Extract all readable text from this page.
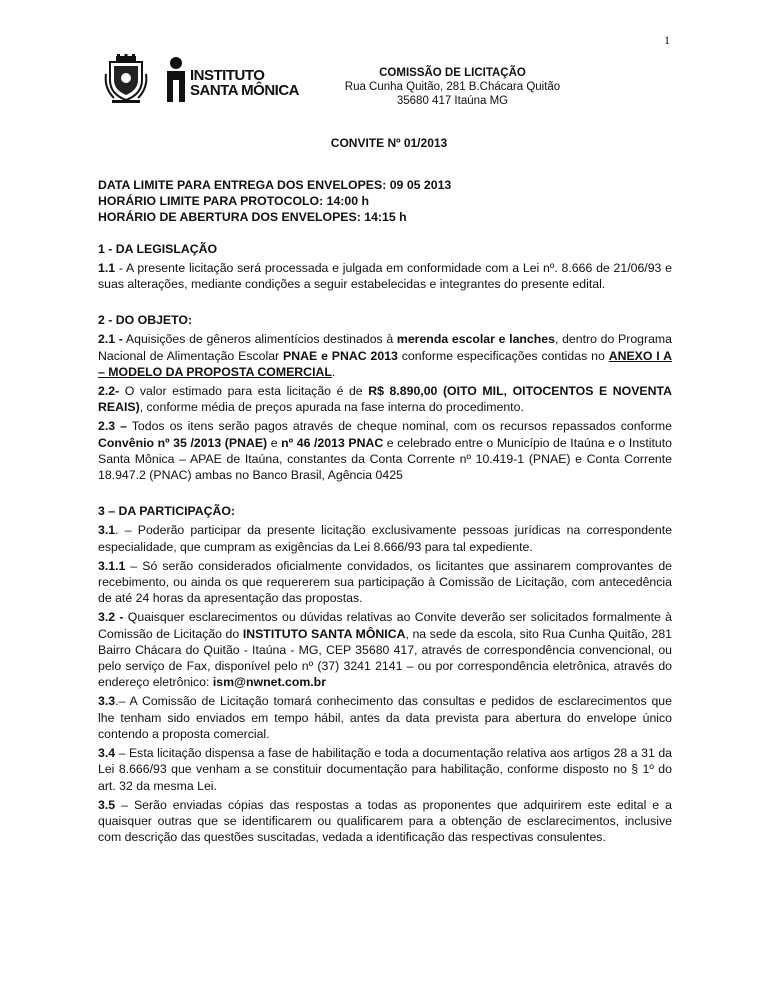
1
INSTITUTO
SANTA MÔNICA
COMISSÃO DE LICITAÇÃO
Rua Cunha Quitão, 281 B.Chácara Quitão
35680 417 Itaúna MG
CONVITE Nº 01/2013
DATA LIMITE PARA ENTREGA DOS ENVELOPES: 09 05 2013
HORÁRIO LIMITE PARA PROTOCOLO: 14:00 h
HORÁRIO DE ABERTURA DOS ENVELOPES: 14:15 h
1 - DA LEGISLAÇÃO

1.1 - A presente licitação será processada e julgada em conformidade com a Lei nº. 8.666 de 21/06/93 e suas alterações, mediante condições a seguir estabelecidas e integrantes do presente edital.

2 - DO OBJETO:

2.1 - Aquisições de gêneros alimentícios destinados à merenda escolar e lanches, dentro do Programa Nacional de Alimentação Escolar PNAE e PNAC 2013 conforme especificações contidas no ANEXO I A – MODELO DA PROPOSTA COMERCIAL.

2.2- O valor estimado para esta licitação é de R$ 8.890,00 (OITO MIL, OITOCENTOS E NOVENTA REAIS), conforme média de preços apurada na fase interna do procedimento.

2.3 – Todos os itens serão pagos através de cheque nominal, com os recursos repassados conforme Convênio nº 35 /2013 (PNAE) e nº 46 /2013 PNAC e celebrado entre o Município de Itaúna e o Instituto Santa Mônica – APAE de Itaúna, constantes da Conta Corrente nº 10.419-1 (PNAE) e Conta Corrente 18.947.2 (PNAC) ambas no Banco Brasil, Agência 0425

3 – DA PARTICIPAÇÃO:

3.1. – Poderão participar da presente licitação exclusivamente pessoas jurídicas na correspondente especialidade, que cumpram as exigências da Lei 8.666/93 para tal expediente.

3.1.1 – Só serão considerados oficialmente convidados, os licitantes que assinarem comprovantes de recebimento, ou ainda os que requererem sua participação à Comissão de Licitação, com antecedência de até 24 horas da apresentação das propostas.

3.2 - Quaisquer esclarecimentos ou dúvidas relativas ao Convite deverão ser solicitados formalmente à Comissão de Licitação do INSTITUTO SANTA MÔNICA, na sede da escola, sito Rua Cunha Quitão, 281 Bairro Chácara do Quitão - Itaúna - MG, CEP 35680 417, através de correspondência convencional, ou pelo serviço de Fax, disponível pelo nº (37) 3241 2141 – ou por correspondência eletrônica, através do endereço eletrônico: ism@nwnet.com.br

3.3.– A Comissão de Licitação tomará conhecimento das consultas e pedidos de esclarecimentos que lhe tenham sido enviados em tempo hábil, antes da data prevista para abertura do envelope único contendo a proposta comercial.

3.4 – Esta licitação dispensa a fase de habilitação e toda a documentação relativa aos artigos 28 a 31 da Lei 8.666/93 que venham a se constituir documentação para habilitação, conforme disposto no § 1º do art. 32 da mesma Lei.

3.5 – Serão enviadas cópias das respostas a todas as proponentes que adquirirem este edital e a quaisquer outras que se identificarem ou qualificarem para a obtenção de esclarecimentos, inclusive com descrição das questões suscitadas, vedada a identificação das respectivas consulentes.
